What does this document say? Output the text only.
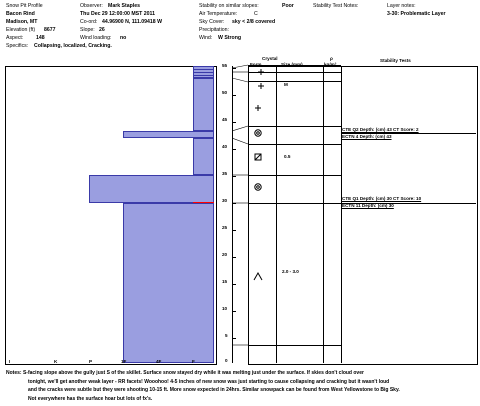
Snow Pit Profile
Bacon Rind
Madison, MT
Elevation (ft) 8677
Aspect: 148
Specifics: Collapsing, localized, Cracking.
Observer: Mark Staples
Thu Dec 29 12:00:00 MST 2011
Co-ord: 44.96900 N, 111.09418 W
Slope: 26
Wind loading: no
Stability on similar slopes:	Poor
Air Temperature:	C
Sky Cover: sky < 2/8 covered
Precipitation:
Wind: W Strong
Stability Test Notes:	Layer notes:
3-30: Problematic Layer
I	K	P	1F	4F	F
55
50
45
40
35
30
25
20
15
10
5
0
Crystal
Form	Size (mm)
ρ
kg/m³
Stability Tests
M
0.5
2.0 - 3.0
CTE Q2 Depth: (cm) 43 CT Score: 2
ECTN 4 Depth: (cm) 43
CTE Q1 Depth: (cm) 30 CT Score: 10
ECTN 11 Depth: (cm) 30
Notes: S-facing slope above the gully just S of the skillet. Surface snow stayed dry while it was melting just under the surface. If skies don't cloud over
tonight, we'll get another weak layer - RR facets! Wooohoo! 4-5 inches of new snow was just starting to cause collapsing and cracking but it wasn't loud
and the cracks were subtle but they were shooting 10-15 ft. More snow expected in 24hrs. Similar snowpack can be found from West Yellowstone to Big Sky.
Not everywhere has the surface hoar but lots of fx's.
